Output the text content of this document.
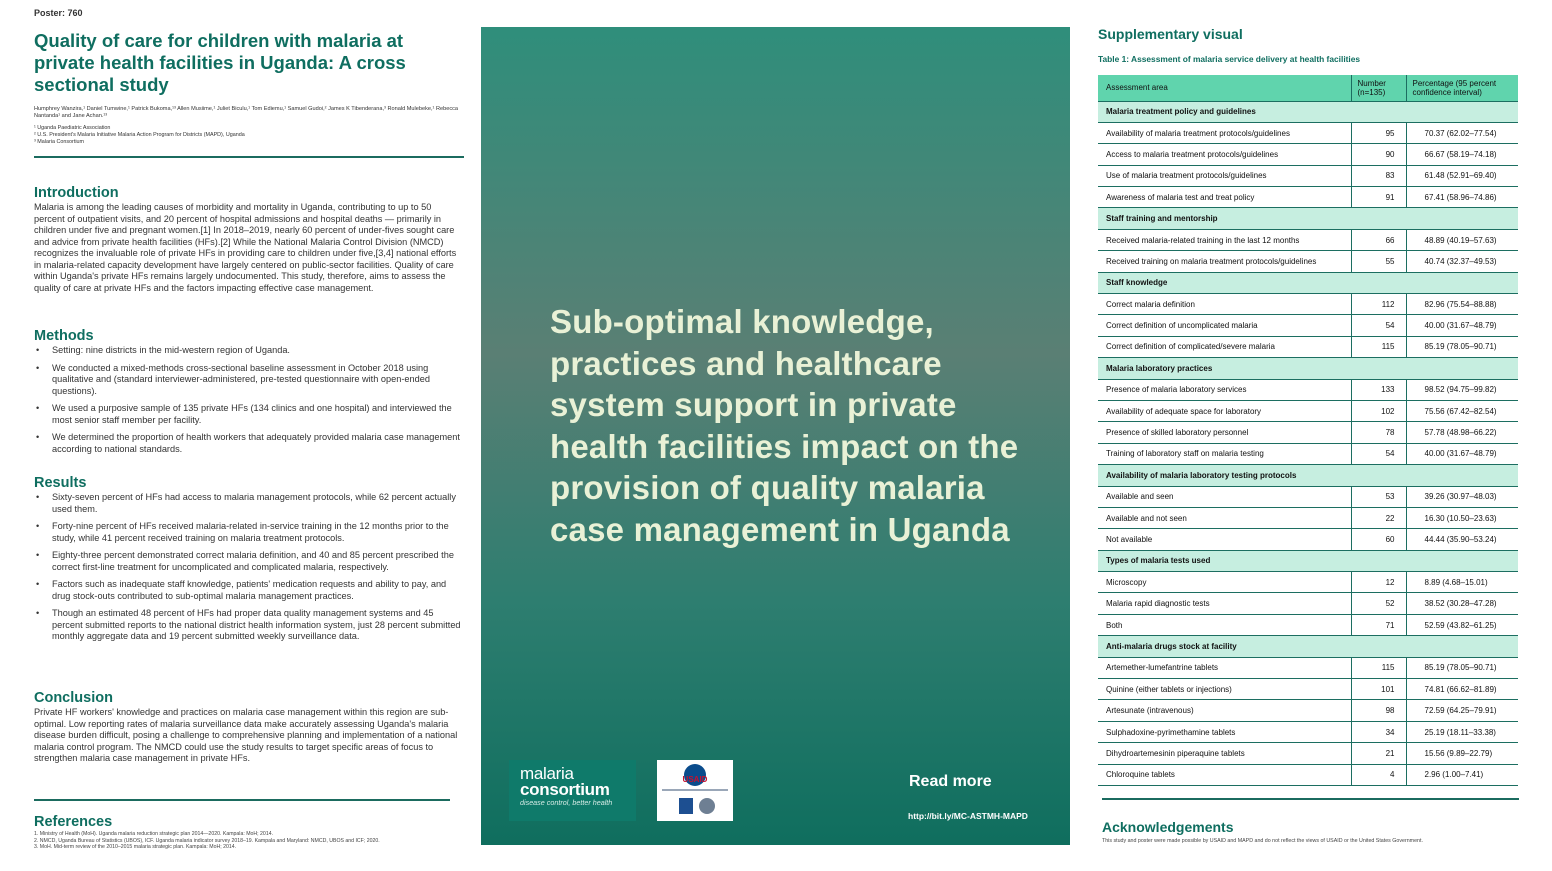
Poster: 760
Quality of care for children with malaria at private health facilities in Uganda: A cross sectional study
Humphrey Wanzira,¹ Daniel Tumwine,¹ Patrick Bukoma,¹³ Allen Musiime,¹ Juliet Biculu,¹ Tom Ediemu,¹ Samuel Gudoi,² James K Tibenderana,³ Ronald Mulebeke,¹ Rebecca Nantanda¹ and Jane Achan.¹³
¹ Uganda Paediatric Association
² U.S. President's Malaria Initiative Malaria Action Program for Districts (MAPD), Uganda
³ Malaria Consortium
Introduction
Malaria is among the leading causes of morbidity and mortality in Uganda, contributing to up to 50 percent of outpatient visits, and 20 percent of hospital admissions and hospital deaths — primarily in children under five and pregnant women.[1] In 2018–2019, nearly 60 percent of under-fives sought care and advice from private health facilities (HFs).[2] While the National Malaria Control Division (NMCD) recognizes the invaluable role of private HFs in providing care to children under five,[3,4] national efforts in malaria-related capacity development have largely centered on public-sector facilities. Quality of care within Uganda's private HFs remains largely undocumented. This study, therefore, aims to assess the quality of care at private HFs and the factors impacting effective case management.
Methods
• Setting: nine districts in the mid-western region of Uganda.
• We conducted a mixed-methods cross-sectional baseline assessment in October 2018 using qualitative and (standard interviewer-administered, pre-tested questionnaire with open-ended questions).
• We used a purposive sample of 135 private HFs (134 clinics and one hospital) and interviewed the most senior staff member per facility.
• We determined the proportion of health workers that adequately provided malaria case management according to national standards.
Results
• Sixty-seven percent of HFs had access to malaria management protocols, while 62 percent actually used them.
• Forty-nine percent of HFs received malaria-related in-service training in the 12 months prior to the study, while 41 percent received training on malaria treatment protocols.
• Eighty-three percent demonstrated correct malaria definition, and 40 and 85 percent prescribed the correct first-line treatment for uncomplicated and complicated malaria, respectively.
• Factors such as inadequate staff knowledge, patients' medication requests and ability to pay, and drug stock-outs contributed to sub-optimal malaria management practices.
• Though an estimated 48 percent of HFs had proper data quality management systems and 45 percent submitted reports to the national district health information system, just 28 percent submitted monthly aggregate data and 19 percent submitted weekly surveillance data.
Conclusion
Private HF workers' knowledge and practices on malaria case management within this region are sub-optimal. Low reporting rates of malaria surveillance data make accurately assessing Uganda's malaria disease burden difficult, posing a challenge to comprehensive planning and implementation of a national malaria control program. The NMCD could use the study results to target specific areas of focus to strengthen malaria case management in private HFs.
References
1. Ministry of Health (MoH). Uganda malaria reduction strategic plan 2014—2020. Kampala: MoH; 2014.
2. NMCD, Uganda Bureau of Statistics (UBOS), ICF. Uganda malaria indicator survey 2018–19. Kampala and Maryland: NMCD, UBOS and ICF; 2020.
3. MoH. Mid-term review of the 2010–2015 malaria strategic plan. Kampala: MoH; 2014.
Sub-optimal knowledge, practices and healthcare system support in private health facilities impact on the provision of quality malaria case management in Uganda
malaria
consortium
disease control, better health
USAID	Read more
http://bit.ly/MC-ASTMH-MAPD
Supplementary visual
Table 1: Assessment of malaria service delivery at health facilities
Assessment area	Number (n=135)	Percentage (95 percent confidence interval)
Malaria treatment policy and guidelines		
Availability of malaria treatment protocols/guidelines	95	70.37 (62.02–77.54)
Access to malaria treatment protocols/guidelines	90	66.67 (58.19–74.18)
Use of malaria treatment protocols/guidelines	83	61.48 (52.91–69.40)
Awareness of malaria test and treat policy	91	67.41 (58.96–74.86)
Staff training and mentorship		
Received malaria-related training in the last 12 months	66	48.89 (40.19–57.63)
Received training on malaria treatment protocols/guidelines	55	40.74 (32.37–49.53)
Staff knowledge		
Correct malaria definition	112	82.96 (75.54–88.88)
Correct definition of uncomplicated malaria	54	40.00 (31.67–48.79)
Correct definition of complicated/severe malaria	115	85.19 (78.05–90.71)
Malaria laboratory practices		
Presence of malaria laboratory services	133	98.52 (94.75–99.82)
Availability of adequate space for laboratory	102	75.56 (67.42–82.54)
Presence of skilled laboratory personnel	78	57.78 (48.98–66.22)
Training of laboratory staff on malaria testing	54	40.00 (31.67–48.79)
Availability of malaria laboratory testing protocols		
Available and seen	53	39.26 (30.97–48.03)
Available and not seen	22	16.30 (10.50–23.63)
Not available	60	44.44 (35.90–53.24)
Types of malaria tests used		
Microscopy	12	8.89 (4.68–15.01)
Malaria rapid diagnostic tests	52	38.52 (30.28–47.28)
Both	71	52.59 (43.82–61.25)
Anti-malaria drugs stock at facility		
Artemether-lumefantrine tablets	115	85.19 (78.05–90.71)
Quinine (either tablets or injections)	101	74.81 (66.62–81.89)
Artesunate (intravenous)	98	72.59 (64.25–79.91)
Sulphadoxine-pyrimethamine tablets	34	25.19 (18.11–33.38)
Dihydroartemesinin piperaquine tablets	21	15.56 (9.89–22.79)
Chloroquine tablets	4	2.96 (1.00–7.41)
Acknowledgements
This study and poster were made possible by USAID and MAPD and do not reflect the views of USAID or the United States Government.
